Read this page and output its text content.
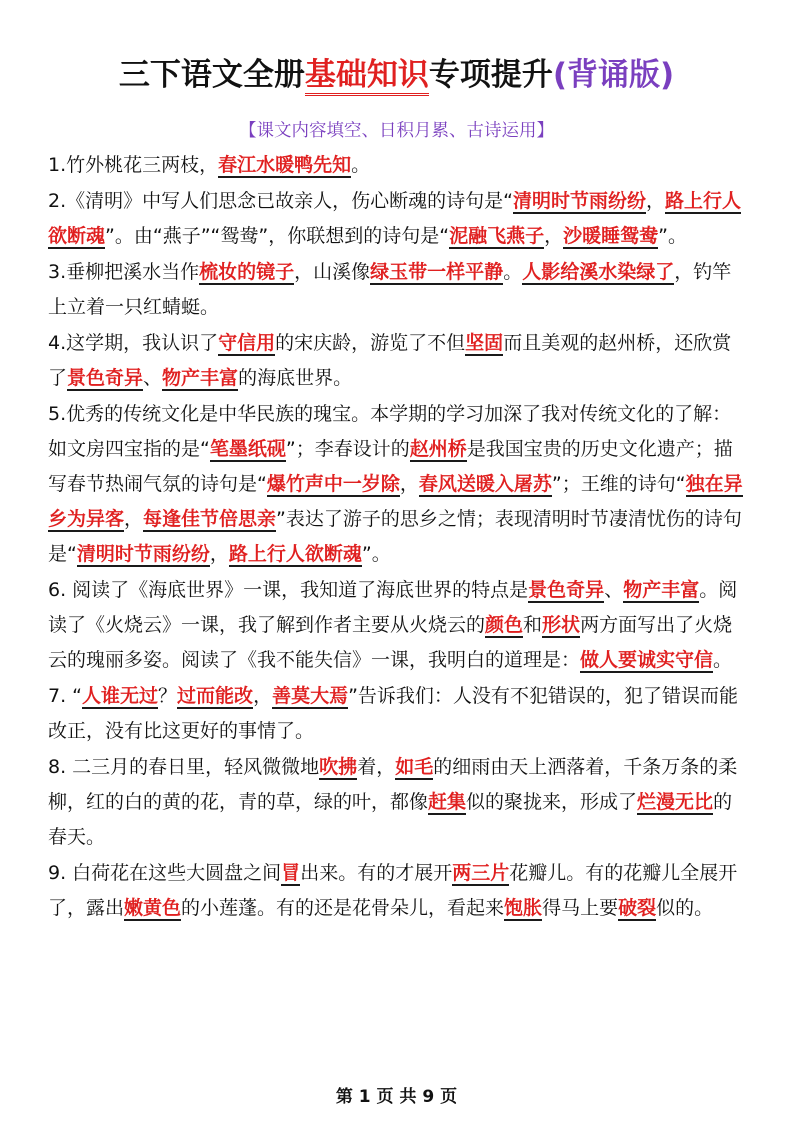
三下语文全册基础知识专项提升(背诵版)
【课文内容填空、日积月累、古诗运用】
1.竹外桃花三两枝，春江水暖鸭先知。
2.《清明》中写人们思念已故亲人，伤心断魂的诗句是“清明时节雨纷纷，路上行人欲断魂”。由“燕子”“鸳鸯”，你联想到的诗句是“泥融飞燕子，沙暖睡鸳鸯”。
3.垂柳把溪水当作梳妆的镜子，山溪像绿玉带一样平静。人影给溪水染绿了，钓竿上立着一只红蜻蜓。
4.这学期，我认识了守信用的宋庆龄，游览了不但坚固而且美观的赵州桥，还欣赏了景色奇异、物产丰富的海底世界。
5.优秀的传统文化是中华民族的瑰宝。本学期的学习加深了我对传统文化的了解：如文房四宝指的是“笔墨纸砚”；李春设计的赵州桥是我国宝贵的历史文化遗产；描写春节热闹气氛的诗句是“爆竹声中一岁除，春风送暖入屠苏”；王维的诗句“独在异乡为异客，每逢佳节倍思亲”表达了游子的思乡之情；表现清明时节凄清忧伤的诗句是“清明时节雨纷纷，路上行人欲断魂”。
6. 阅读了《海底世界》一课，我知道了海底世界的特点是景色奇异、物产丰富。阅读了《火烧云》一课，我了解到作者主要从火烧云的颜色和形状两方面写出了火烧云的瑰丽多姿。阅读了《我不能失信》一课，我明白的道理是：做人要诚实守信。
7. “人谁无过？过而能改，善莫大焉”告诉我们：人没有不犯错误的，犯了错误而能改正，没有比这更好的事情了。
8. 二三月的春日里，轻风微微地吹拂着，如毛的细雨由天上洒落着，千条万条的柔柳，红的白的黄的花，青的草，绿的叶，都像赶集似的聚拢来，形成了烂漫无比的春天。
9. 白荷花在这些大圆盘之间冒出来。有的才展开两三片花瓣儿。有的花瓣儿全展开了，露出嫩黄色的小莲蓬。有的还是花骨朵儿，看起来饱胀得马上要破裂似的。
第 1 页 共 9 页
